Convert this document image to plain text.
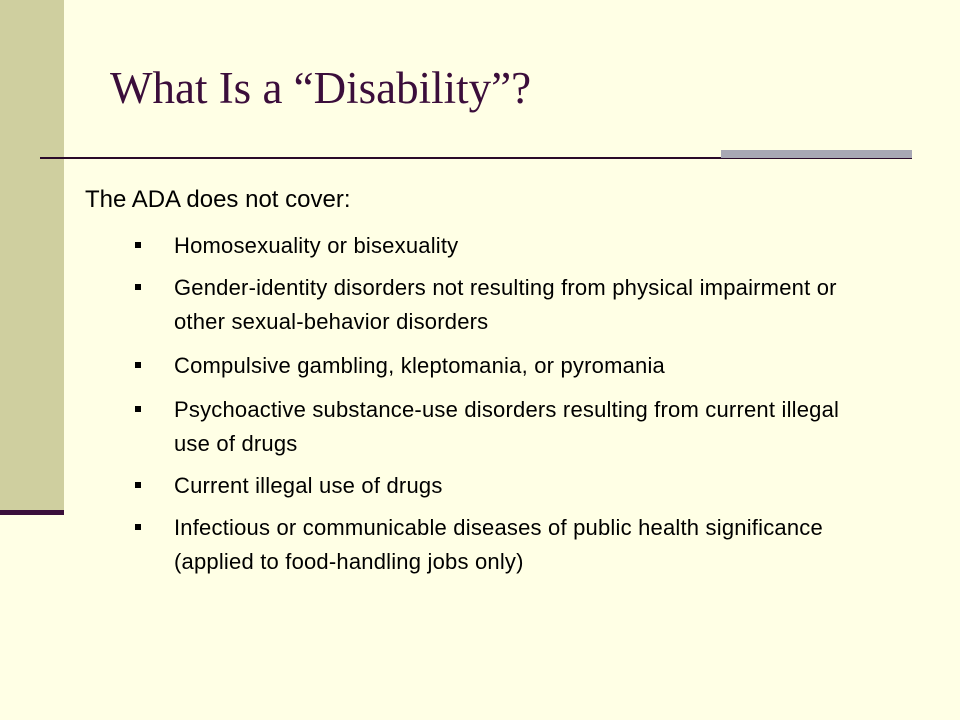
What Is a “Disability”?

The ADA does not cover:

Homosexuality or bisexuality

Gender-identity disorders not resulting from physical impairment or other sexual-behavior disorders

Compulsive gambling, kleptomania, or pyromania

Psychoactive substance-use disorders resulting from current illegal use of drugs

Current illegal use of drugs

Infectious or communicable diseases of public health significance (applied to food-handling jobs only)
